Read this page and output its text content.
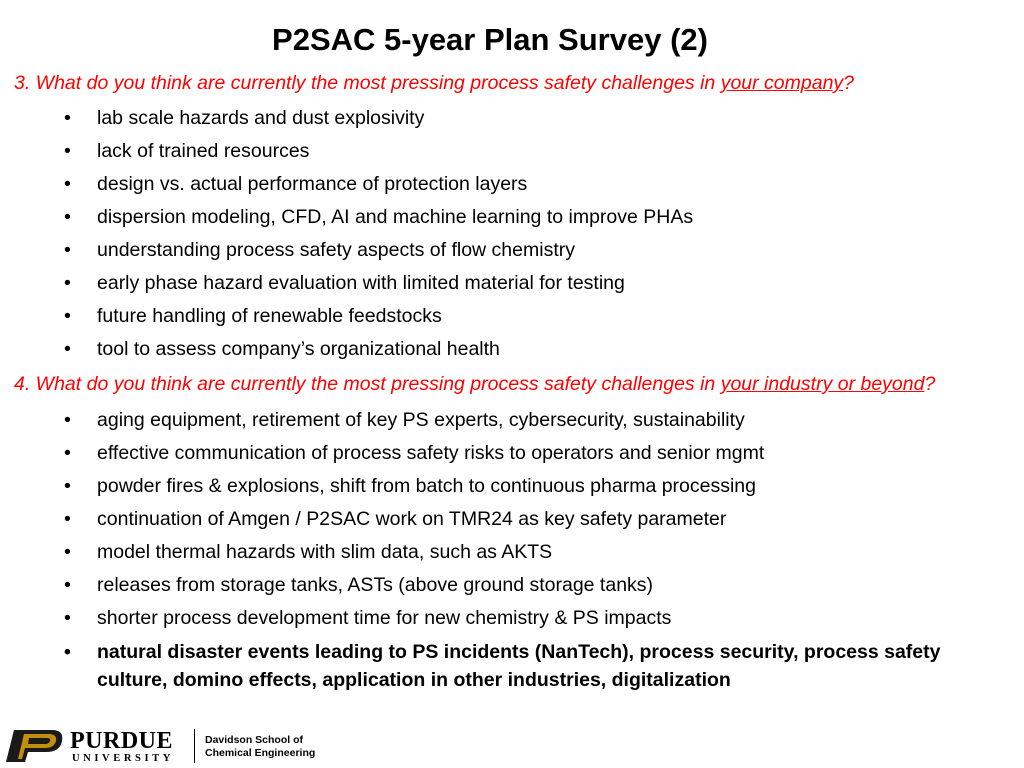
P2SAC 5-year Plan Survey (2)

3. What do you think are currently the most pressing process safety challenges in your company?

• lab scale hazards and dust explosivity
• lack of trained resources
• design vs. actual performance of protection layers
• dispersion modeling, CFD, AI and machine learning to improve PHAs
• understanding process safety aspects of flow chemistry
• early phase hazard evaluation with limited material for testing
• future handling of renewable feedstocks
• tool to assess company’s organizational health

4. What do you think are currently the most pressing process safety challenges in your industry or beyond?

• aging equipment, retirement of key PS experts, cybersecurity, sustainability
• effective communication of process safety risks to operators and senior mgmt
• powder fires & explosions, shift from batch to continuous pharma processing
• continuation of Amgen / P2SAC work on TMR24 as key safety parameter
• model thermal hazards with slim data, such as AKTS
• releases from storage tanks, ASTs (above ground storage tanks)
• shorter process development time for new chemistry & PS impacts
• natural disaster events leading to PS incidents (NanTech), process security, process safety culture, domino effects, application in other industries, digitalization
PURDUE
UNIVERSITY
Davidson School of
Chemical Engineering
